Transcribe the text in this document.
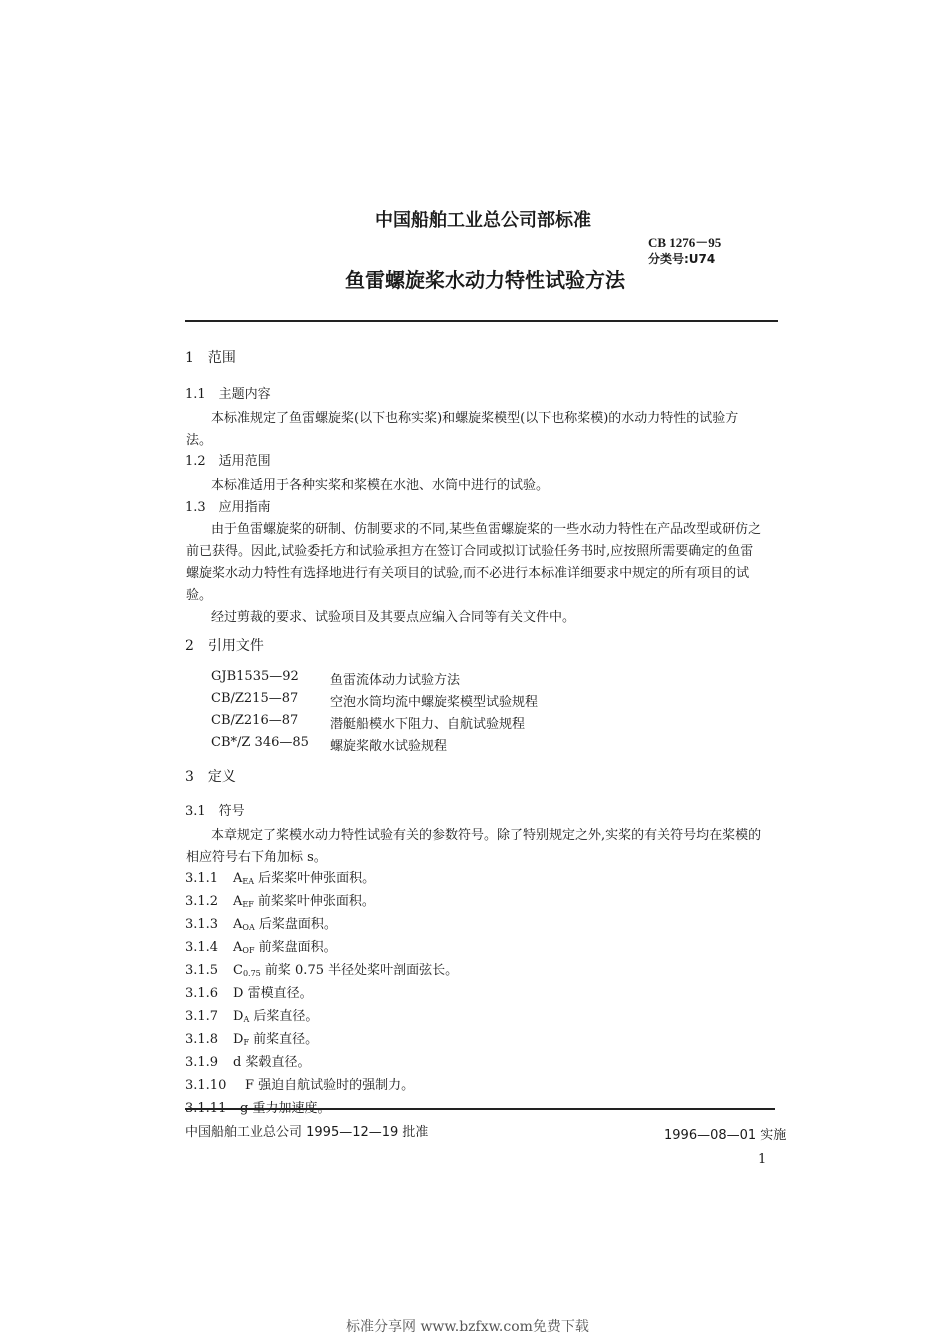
中国船舶工业总公司部标准
CB 1276－95
分类号:U74
鱼雷螺旋桨水动力特性试验方法
1　范围
1.1　主题内容
本标准规定了鱼雷螺旋桨(以下也称实桨)和螺旋桨模型(以下也称桨模)的水动力特性的试验方
法。
1.2　适用范围
本标准适用于各种实桨和桨模在水池、水筒中进行的试验。
1.3　应用指南
由于鱼雷螺旋桨的研制、仿制要求的不同,某些鱼雷螺旋桨的一些水动力特性在产品改型或研仿之
前已获得。因此,试验委托方和试验承担方在签订合同或拟订试验任务书时,应按照所需要确定的鱼雷
螺旋桨水动力特性有选择地进行有关项目的试验,而不必进行本标准详细要求中规定的所有项目的试
验。
经过剪裁的要求、试验项目及其要点应编入合同等有关文件中。
2　引用文件
GJB1535—92 鱼雷流体动力试验方法
CB/Z215—87 空泡水筒均流中螺旋桨模型试验规程
CB/Z216—87 潜艇船模水下阻力、自航试验规程
CB*/Z 346—85 螺旋桨敞水试验规程
3　定义
3.1　符号
本章规定了桨模水动力特性试验有关的参数符号。除了特别规定之外,实桨的有关符号均在桨模的
相应符号右下角加标 s。
3.1.1 $A_{EA}$ 后桨桨叶伸张面积。
3.1.2 $A_{EF}$ 前桨桨叶伸张面积。
3.1.3 $A_{OA}$ 后桨盘面积。
3.1.4 $A_{OF}$ 前桨盘面积。
3.1.5 $C_{0.75}$ 前桨 0.75 半径处桨叶剖面弦长。
3.1.6 D 雷模直径。
3.1.7 $D_A$ 后桨直径。
3.1.8 $D_F$ 前桨直径。
3.1.9 d 桨毂直径。
3.1.10 F 强迫自航试验时的强制力。
3.1.11 g 重力加速度。
中国船舶工业总公司 1995—12—19 批准	1996—08—01 实施
1
标准分享网 www.bzfxw.com免费下载
